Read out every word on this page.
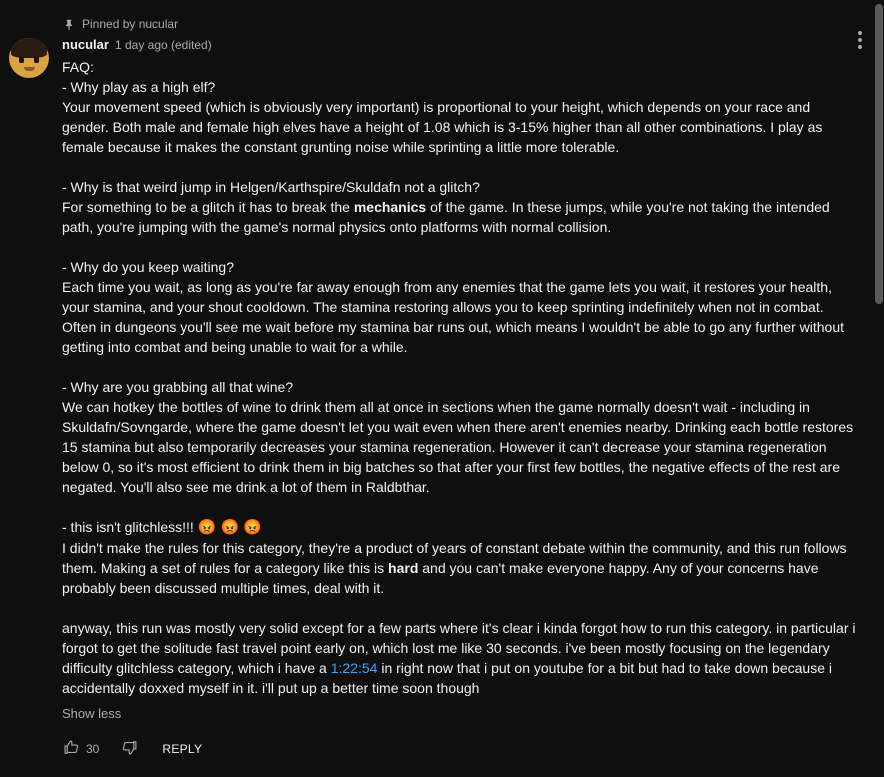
Pinned by nucular
nucular 1 day ago (edited)
FAQ:
- Why play as a high elf?
Your movement speed (which is obviously very important) is proportional to your height, which depends on your race and gender. Both male and female high elves have a height of 1.08 which is 3-15% higher than all other combinations. I play as female because it makes the constant grunting noise while sprinting a little more tolerable.

- Why is that weird jump in Helgen/Karthspire/Skuldafn not a glitch?
For something to be a glitch it has to break the mechanics of the game. In these jumps, while you're not taking the intended path, you're jumping with the game's normal physics onto platforms with normal collision.

- Why do you keep waiting?
Each time you wait, as long as you're far away enough from any enemies that the game lets you wait, it restores your health, your stamina, and your shout cooldown. The stamina restoring allows you to keep sprinting indefinitely when not in combat. Often in dungeons you'll see me wait before my stamina bar runs out, which means I wouldn't be able to go any further without getting into combat and being unable to wait for a while.

- Why are you grabbing all that wine?
We can hotkey the bottles of wine to drink them all at once in sections when the game normally doesn't wait - including in Skuldafn/Sovngarde, where the game doesn't let you wait even when there aren't enemies nearby. Drinking each bottle restores 15 stamina but also temporarily decreases your stamina regeneration. However it can't decrease your stamina regeneration below 0, so it's most efficient to drink them in big batches so that after your first few bottles, the negative effects of the rest are negated. You'll also see me drink a lot of them in Raldbthar.

- this isn't glitchless!!! 😡 😡 😡
I didn't make the rules for this category, they're a product of years of constant debate within the community, and this run follows them. Making a set of rules for a category like this is hard and you can't make everyone happy. Any of your concerns have probably been discussed multiple times, deal with it.

anyway, this run was mostly very solid except for a few parts where it's clear i kinda forgot how to run this category. in particular i forgot to get the solitude fast travel point early on, which lost me like 30 seconds. i've been mostly focusing on the legendary difficulty glitchless category, which i have a 1:22:54 in right now that i put on youtube for a bit but had to take down because i accidentally doxxed myself in it. i'll put up a better time soon though
Show less
30	REPLY
